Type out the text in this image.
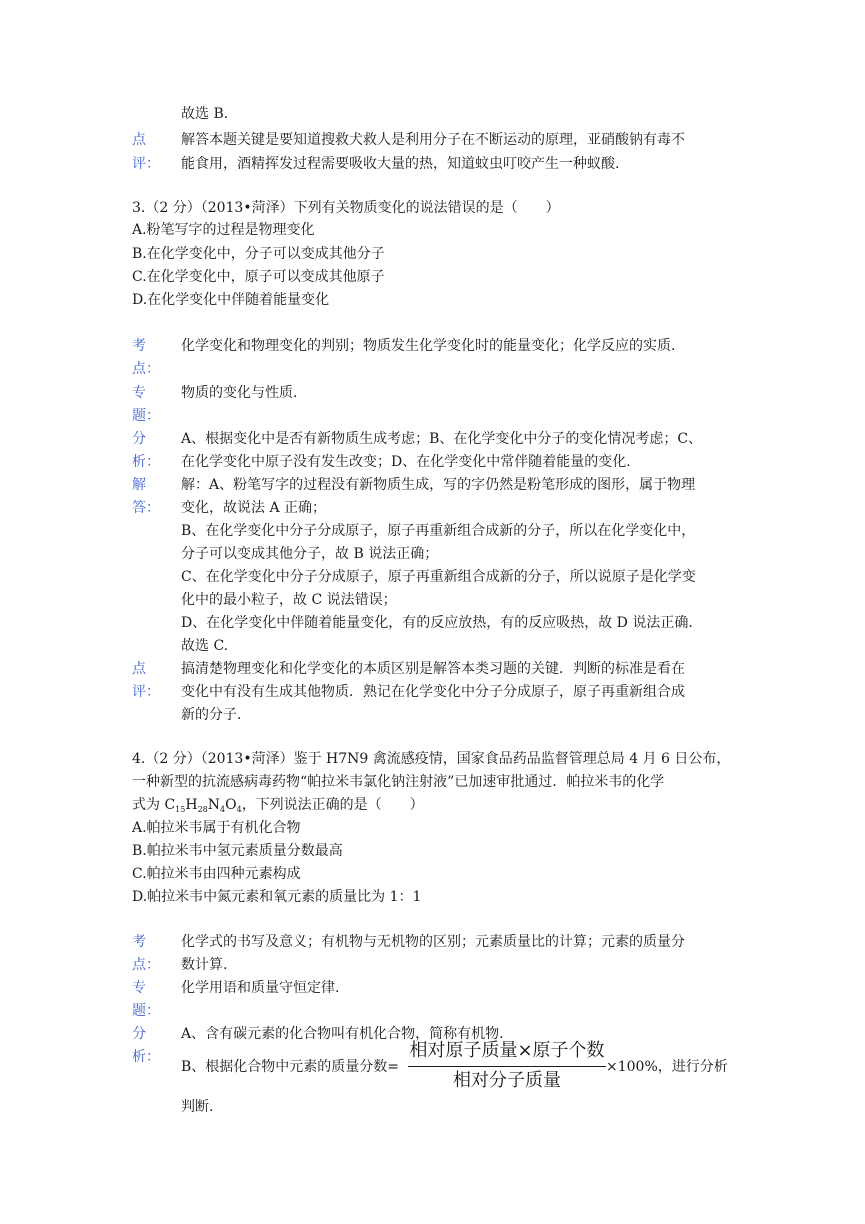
故选 B.
点	解答本题关键是要知道搜救犬救人是利用分子在不断运动的原理，亚硝酸钠有毒不
评： 能食用，酒精挥发过程需要吸收大量的热，知道蚊虫叮咬产生一种蚁酸.
3.（2 分）（2013•菏泽）下列有关物质变化的说法错误的是（　　）
A.粉笔写字的过程是物理变化
B.在化学变化中，分子可以变成其他分子
C.在化学变化中，原子可以变成其他原子
D.在化学变化中伴随着能量变化
考	化学变化和物理变化的判别；物质发生化学变化时的能量变化；化学反应的实质.
点：
专	物质的变化与性质.
题：
分	A、根据变化中是否有新物质生成考虑；B、在化学变化中分子的变化情况考虑；C、
析： 在化学变化中原子没有发生改变；D、在化学变化中常伴随着能量的变化.
解	解：A、粉笔写字的过程没有新物质生成，写的字仍然是粉笔形成的图形，属于物理
答： 变化，故说法 A 正确；
B、在化学变化中分子分成原子，原子再重新组合成新的分子，所以在化学变化中，
分子可以变成其他分子，故 B 说法正确；
C、在化学变化中分子分成原子，原子再重新组合成新的分子，所以说原子是化学变
化中的最小粒子，故 C 说法错误；
D、在化学变化中伴随着能量变化，有的反应放热，有的反应吸热，故 D 说法正确.
故选 C.
点	搞清楚物理变化和化学变化的本质区别是解答本类习题的关键．判断的标准是看在
评： 变化中有没有生成其他物质．熟记在化学变化中分子分成原子，原子再重新组合成
新的分子.
4.（2 分）（2013•菏泽）鉴于 H7N9 禽流感疫情，国家食品药品监督管理总局 4 月 6 日公布，
一种新型的抗流感病毒药物“帕拉米韦氯化钠注射液”已加速审批通过．帕拉米韦的化学
式为 $C_{15}H_{28}N_4O_4$，下列说法正确的是（　　）
A.帕拉米韦属于有机化合物
B.帕拉米韦中氢元素质量分数最高
C.帕拉米韦由四种元素构成
D.帕拉米韦中氮元素和氧元素的质量比为 1：1
考	化学式的书写及意义；有机物与无机物的区别；元素质量比的计算；元素的质量分
点： 数计算.
专	化学用语和质量守恒定律.
题：
分	A、含有碳元素的化合物叫有机化合物，简称有机物.
析：
B、根据化合物中元素的质量分数=
相对原子质量×原子个数
相对分子质量
×100%，进行分析
判断.
